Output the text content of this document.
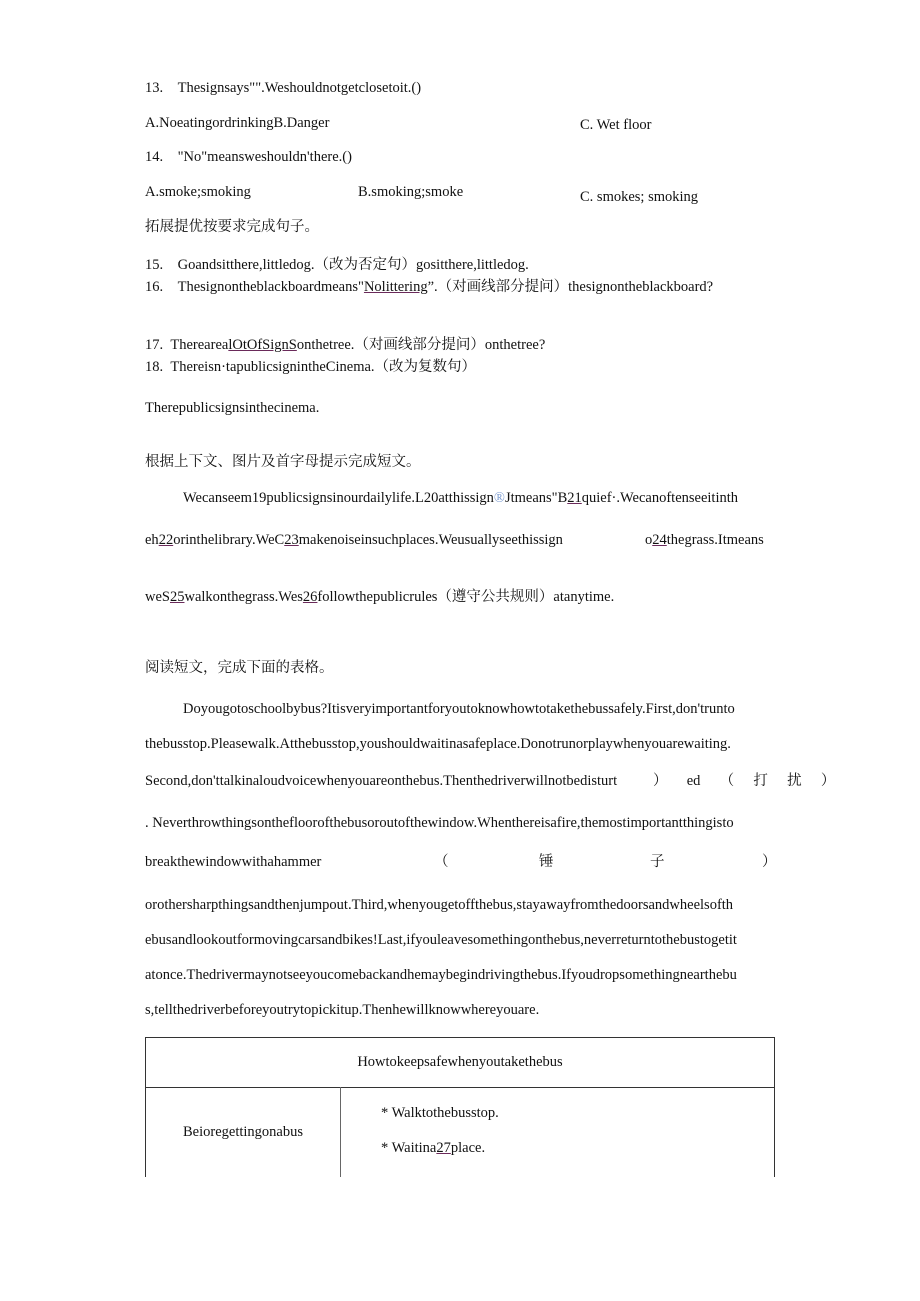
13. Thesignsays"".Weshouldnotgetclosetoit.()
A.NoeatingordrinkingB.Danger	C. Wet floor
14. "No"meansweshouldn'there.()
A.smoke;smoking	B.smoking;smoke	C. smokes; smoking
拓展提优按要求完成句子。
15. Goandsitthere,littledog.（改为否定句）gositthere,littledog.
16. Thesignontheblackboardmeans"Nolittering”.（对画线部分提问）thesignontheblackboard?
17. TherearealOtOfSignSonthetree.（对画线部分提问）onthetree?
18. Thereisn·tapublicsignintheCinema.（改为复数句）
Therepublicsignsinthecinema.
根据上下文、图片及首字母提示完成短文。
Wecanseem19publicsignsinourdailylife.L20atthissign®Jtmeans"B21quief·.Wecanoftenseeitinth
eh22orinthelibrary.WeC23makenoiseinsuchplaces.Weusuallyseethissign	o24thegrass.Itmeans
weS25walkonthegrass.Wes26followthepublicrules（遵守公共规则）atanytime.
阅读短文，完成下面的表格。
Doyougotoschoolbybus?Itisveryimportantforyoutoknowhowtotakethebussafely.First,don'trunto
thebusstop.Pleasewalk.Atthebusstop,youshouldwaitinasafeplace.Donotrunorplaywhenyouarewaiting.
Second,don'ttalkinaloudvoicewhenyouareonthebus.Thenthedriverwillnotbedisturt ）  ed  （  打  扰  ）
. Neverthrowthingsonthefloorofthebusoroutofthewindow.Whenthereisafire,themostimportantthingisto
breakthewindowwithahammer	（	锤	子	）
orothersharpthingsandthenjumpout.Third,whenyougetoffthebus,stayawayfromthedoorsandwheelsofth
ebusandlookoutformovingcarsandbikes!Last,ifyouleavesomethingonthebus,neverreturntothebustogetit
atonce.Thedrivermaynotseeyoucomebackandhemaybegindrivingthebus.Ifyoudropsomethingnearthebu
s,tellthedriverbeforeyoutrytopickitup.Thenhewillknowwhereyouare.
Howtokeepsafewhenyoutakethebus
Beioregettingonabus
* Walktothebusstop.
* Waitina27place.
